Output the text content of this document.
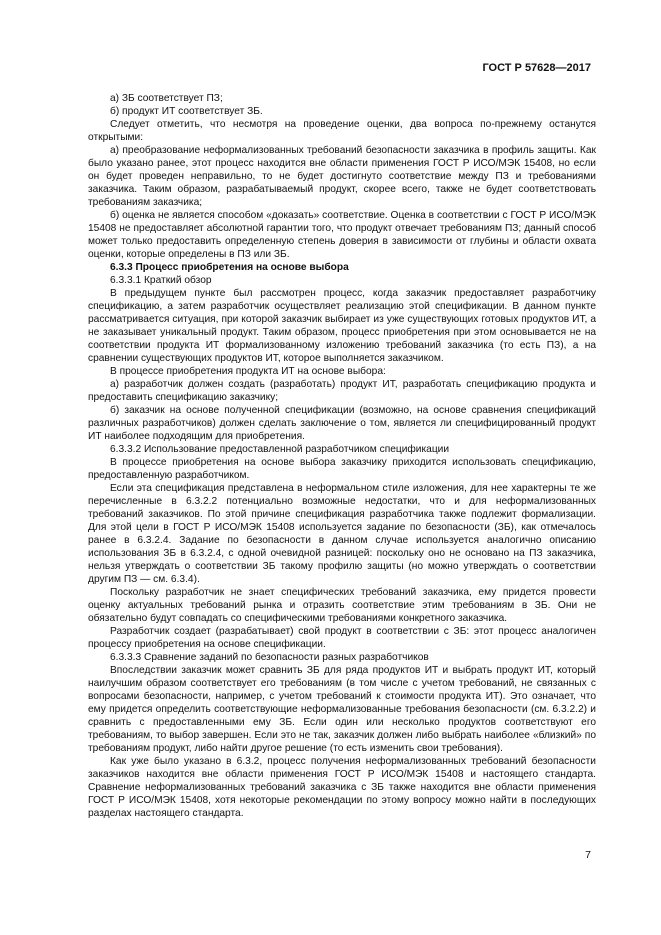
ГОСТ Р 57628—2017

а) ЗБ соответствует ПЗ;

б) продукт ИТ соответствует ЗБ.

Следует отметить, что несмотря на проведение оценки, два вопроса по-прежнему останутся открытыми:

а) преобразование неформализованных требований безопасности заказчика в профиль защиты. Как было указано ранее, этот процесс находится вне области применения ГОСТ Р ИСО/МЭК 15408, но если он будет проведен неправильно, то не будет достигнуто соответствие между ПЗ и требованиями заказчика. Таким образом, разрабатываемый продукт, скорее всего, также не будет соответствовать требованиям заказчика;

б) оценка не является способом «доказать» соответствие. Оценка в соответствии с ГОСТ Р ИСО/МЭК 15408 не предоставляет абсолютной гарантии того, что продукт отвечает требованиям ПЗ; данный способ может только предоставить определенную степень доверия в зависимости от глубины и области охвата оценки, которые определены в ПЗ или ЗБ.

6.3.3 Процесс приобретения на основе выбора

6.3.3.1 Краткий обзор

В предыдущем пункте был рассмотрен процесс, когда заказчик предоставляет разработчику спецификацию, а затем разработчик осуществляет реализацию этой спецификации. В данном пункте рассматривается ситуация, при которой заказчик выбирает из уже существующих готовых продуктов ИТ, а не заказывает уникальный продукт. Таким образом, процесс приобретения при этом основывается не на соответствии продукта ИТ формализованному изложению требований заказчика (то есть ПЗ), а на сравнении существующих продуктов ИТ, которое выполняется заказчиком.

В процессе приобретения продукта ИТ на основе выбора:

а) разработчик должен создать (разработать) продукт ИТ, разработать спецификацию продукта и предоставить спецификацию заказчику;

б) заказчик на основе полученной спецификации (возможно, на основе сравнения спецификаций различных разработчиков) должен сделать заключение о том, является ли специфицированный продукт ИТ наиболее подходящим для приобретения.

6.3.3.2 Использование предоставленной разработчиком спецификации

В процессе приобретения на основе выбора заказчику приходится использовать спецификацию, предоставленную разработчиком.

Если эта спецификация представлена в неформальном стиле изложения, для нее характерны те же перечисленные в 6.3.2.2 потенциально возможные недостатки, что и для неформализованных требований заказчиков. По этой причине спецификация разработчика также подлежит формализации. Для этой цели в ГОСТ Р ИСО/МЭК 15408 используется задание по безопасности (ЗБ), как отмечалось ранее в 6.3.2.4. Задание по безопасности в данном случае используется аналогично описанию использования ЗБ в 6.3.2.4, с одной очевидной разницей: поскольку оно не основано на ПЗ заказчика, нельзя утверждать о соответствии ЗБ такому профилю защиты (но можно утверждать о соответствии другим ПЗ — см. 6.3.4).

Поскольку разработчик не знает специфических требований заказчика, ему придется провести оценку актуальных требований рынка и отразить соответствие этим требованиям в ЗБ. Они не обязательно будут совпадать со специфическими требованиями конкретного заказчика.

Разработчик создает (разрабатывает) свой продукт в соответствии с ЗБ: этот процесс аналогичен процессу приобретения на основе спецификации.

6.3.3.3 Сравнение заданий по безопасности разных разработчиков

Впоследствии заказчик может сравнить ЗБ для ряда продуктов ИТ и выбрать продукт ИТ, который наилучшим образом соответствует его требованиям (в том числе с учетом требований, не связанных с вопросами безопасности, например, с учетом требований к стоимости продукта ИТ). Это означает, что ему придется определить соответствующие неформализованные требования безопасности (см. 6.3.2.2) и сравнить с предоставленными ему ЗБ. Если один или несколько продуктов соответствуют его требованиям, то выбор завершен. Если это не так, заказчик должен либо выбрать наиболее «близкий» по требованиям продукт, либо найти другое решение (то есть изменить свои требования).

Как уже было указано в 6.3.2, процесс получения неформализованных требований безопасности заказчиков находится вне области применения ГОСТ Р ИСО/МЭК 15408 и настоящего стандарта. Сравнение неформализованных требований заказчика с ЗБ также находится вне области применения ГОСТ Р ИСО/МЭК 15408, хотя некоторые рекомендации по этому вопросу можно найти в последующих разделах настоящего стандарта.

7
